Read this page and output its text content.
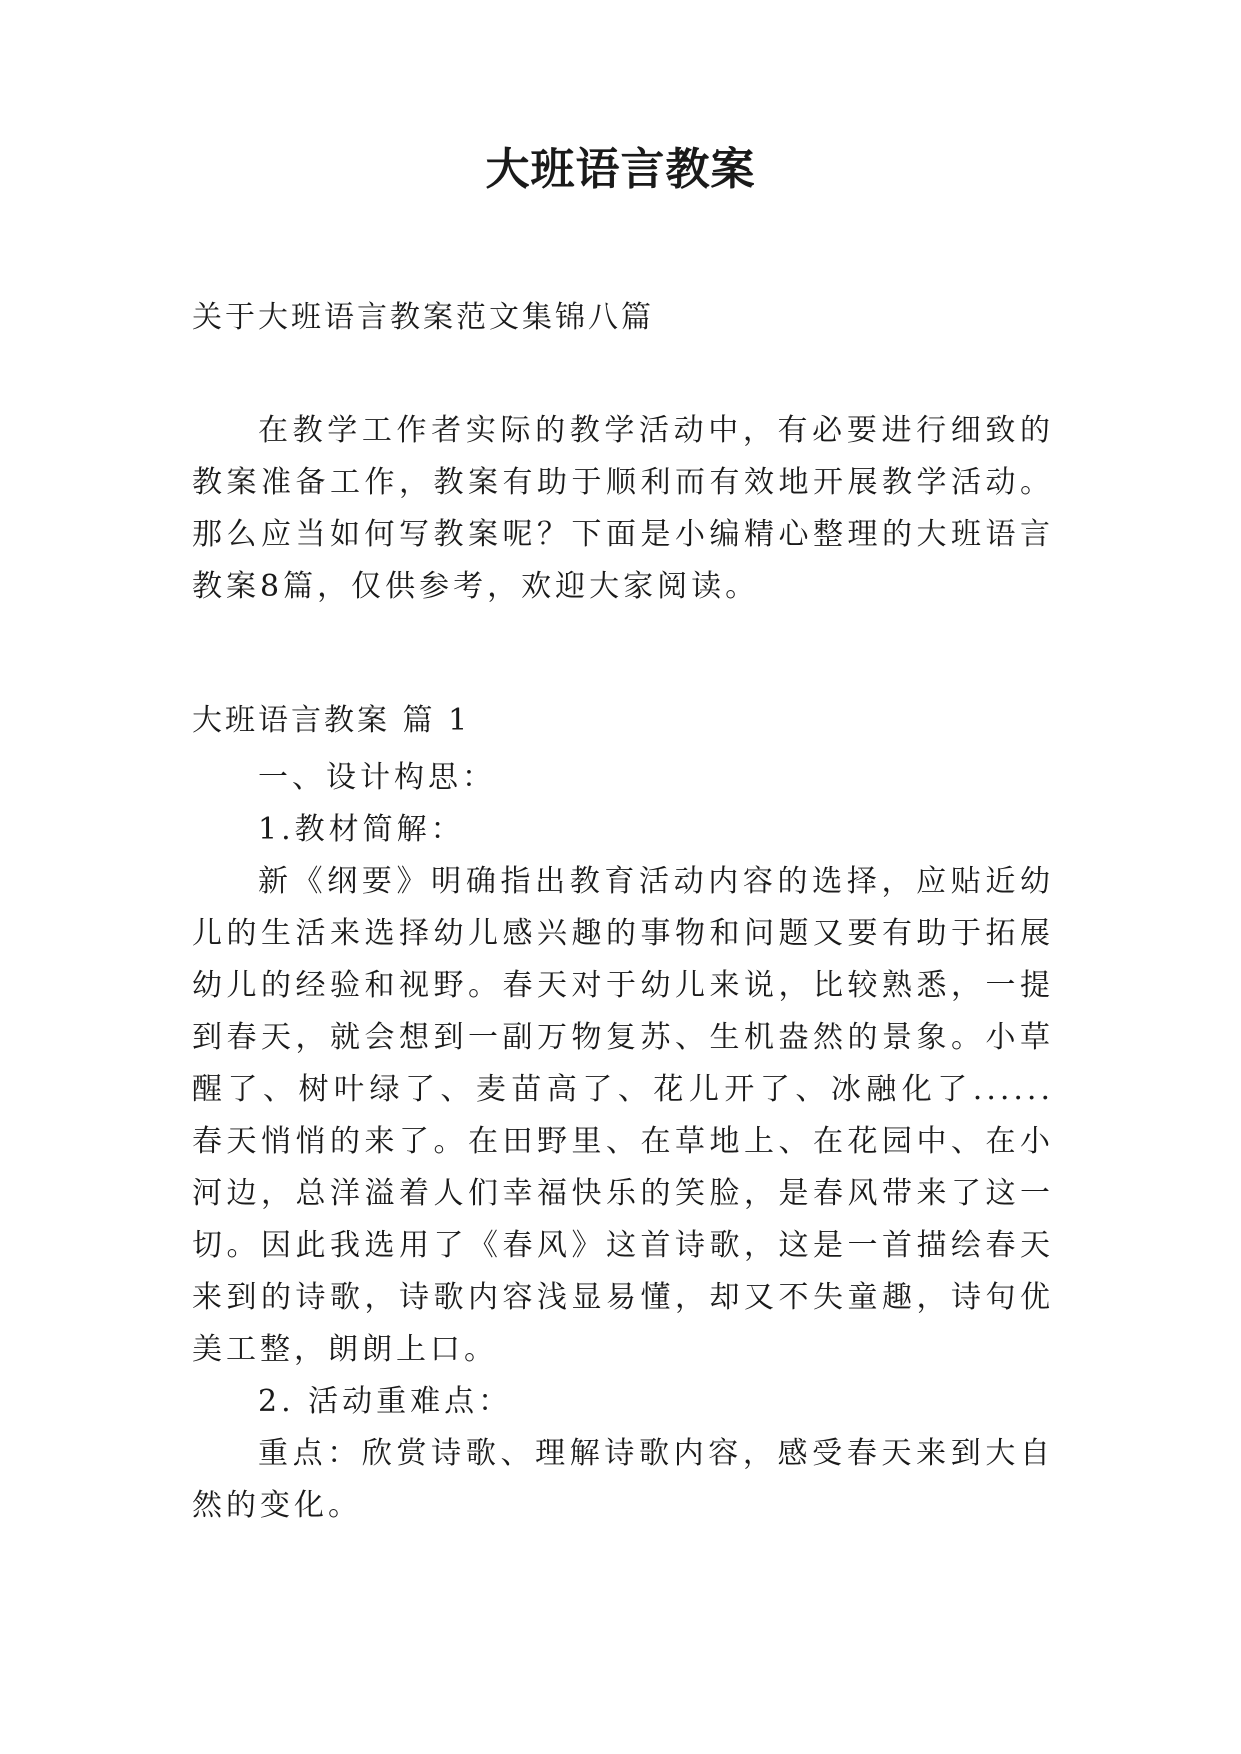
大班语言教案
关于大班语言教案范文集锦八篇

在教学工作者实际的教学活动中，有必要进行细致的教案准备工作，教案有助于顺利而有效地开展教学活动。那么应当如何写教案呢？下面是小编精心整理的大班语言教案8篇，仅供参考，欢迎大家阅读。

大班语言教案 篇 1

一、设计构思：

1.教材简解：

新《纲要》明确指出教育活动内容的选择，应贴近幼儿的生活来选择幼儿感兴趣的事物和问题又要有助于拓展幼儿的经验和视野。春天对于幼儿来说，比较熟悉，一提到春天，就会想到一副万物复苏、生机盎然的景象。小草醒了、树叶绿了、麦苗高了、花儿开了、冰融化了......春天悄悄的来了。在田野里、在草地上、在花园中、在小河边，总洋溢着人们幸福快乐的笑脸，是春风带来了这一切。因此我选用了《春风》这首诗歌，这是一首描绘春天来到的诗歌，诗歌内容浅显易懂，却又不失童趣，诗句优美工整，朗朗上口。

2. 活动重难点：

重点：欣赏诗歌、理解诗歌内容，感受春天来到大自然的变化。
